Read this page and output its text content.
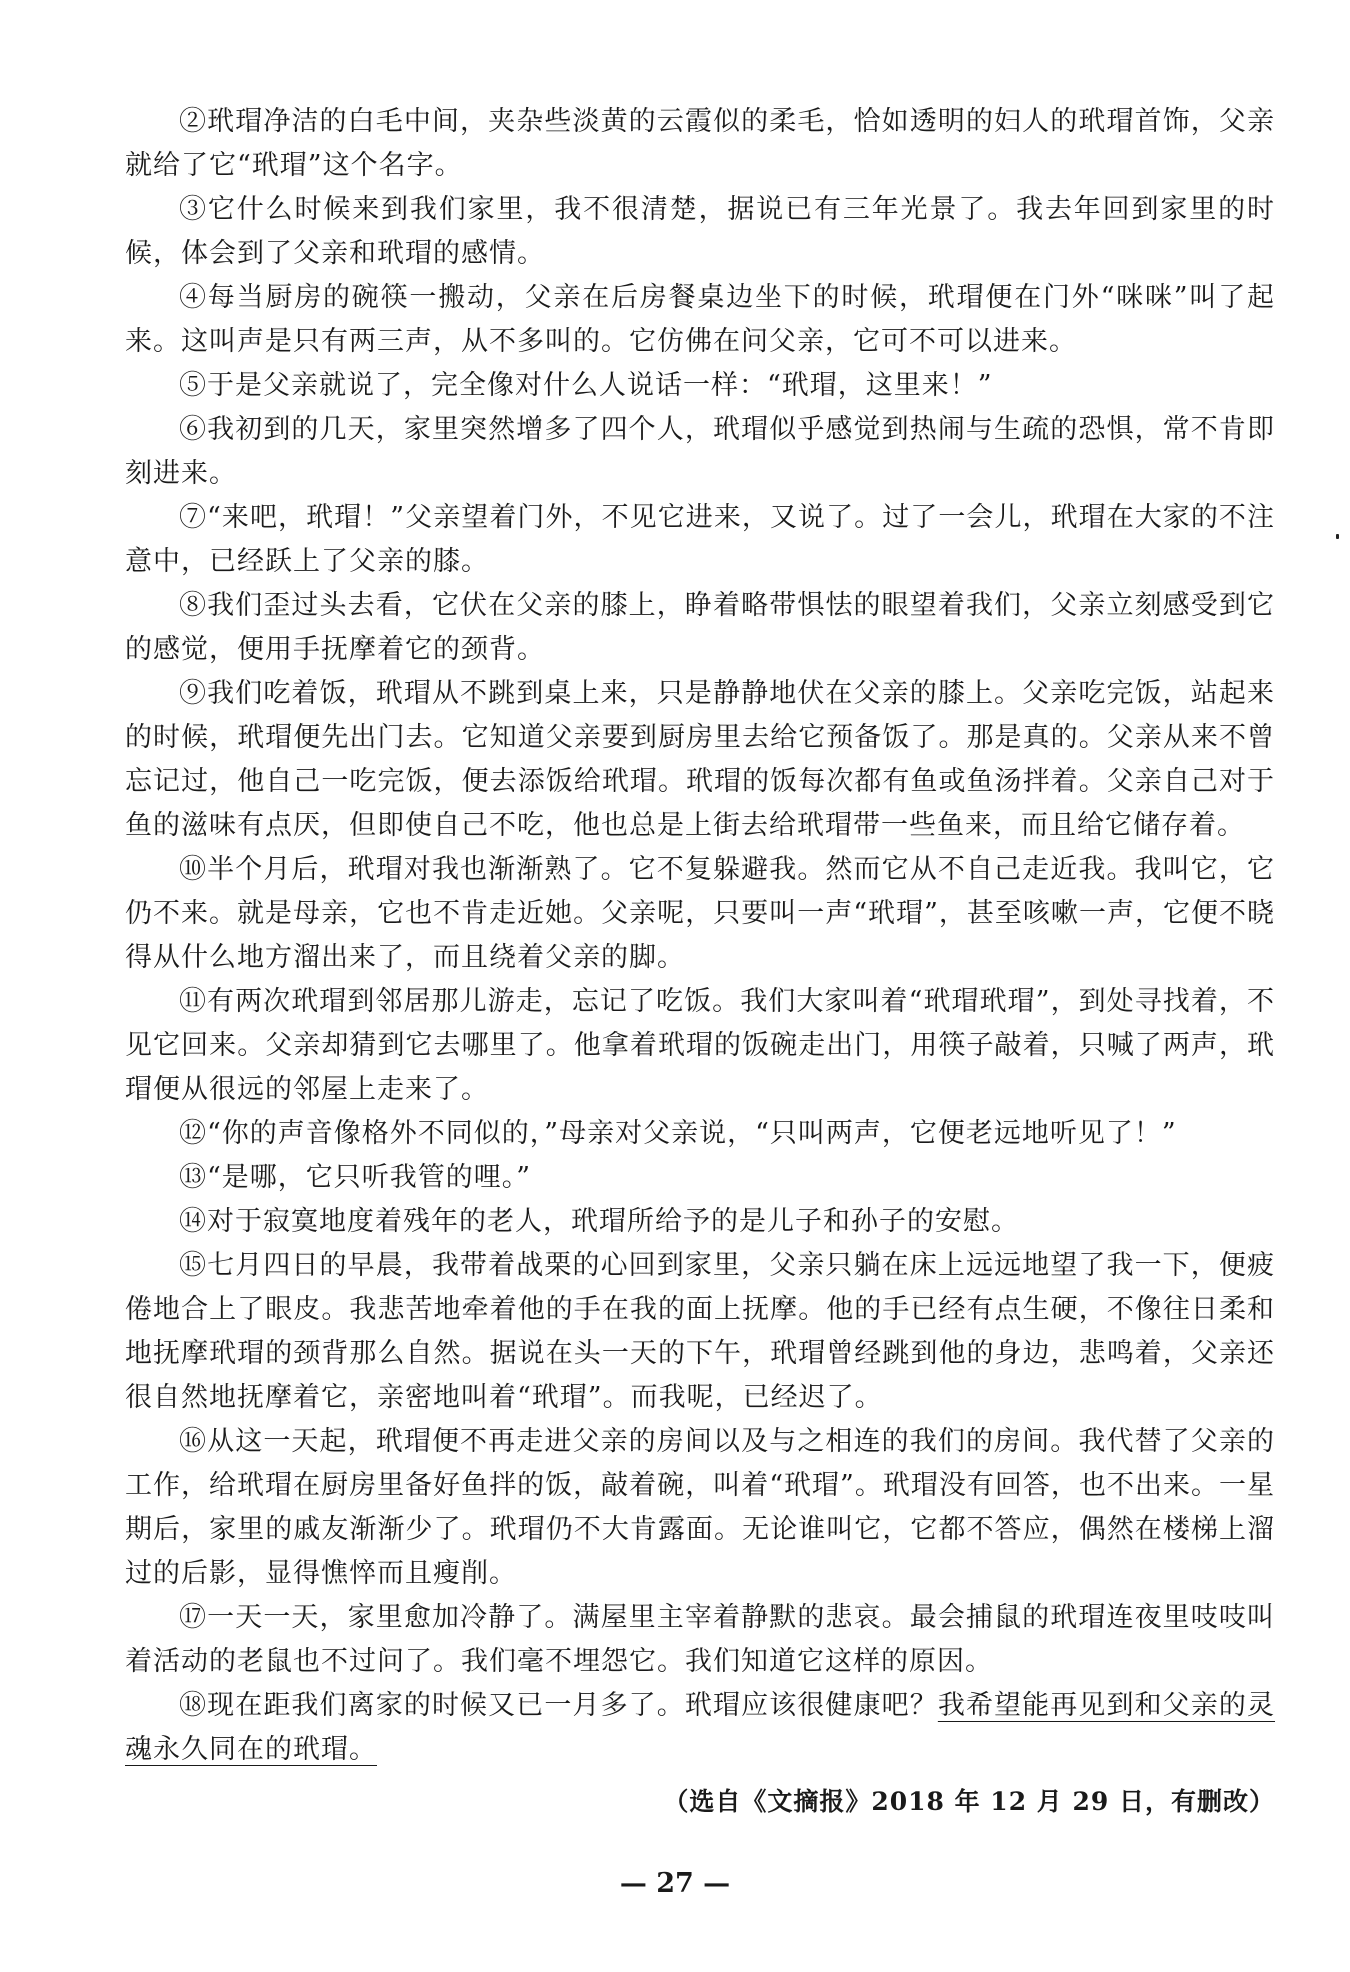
②玳瑁净洁的白毛中间，夹杂些淡黄的云霞似的柔毛，恰如透明的妇人的玳瑁首饰，父亲就给了它“玳瑁”这个名字。

③它什么时候来到我们家里，我不很清楚，据说已有三年光景了。我去年回到家里的时候，体会到了父亲和玳瑁的感情。

④每当厨房的碗筷一搬动，父亲在后房餐桌边坐下的时候，玳瑁便在门外“咪咪”叫了起来。这叫声是只有两三声，从不多叫的。它仿佛在问父亲，它可不可以进来。

⑤于是父亲就说了，完全像对什么人说话一样：“玳瑁，这里来！”

⑥我初到的几天，家里突然增多了四个人，玳瑁似乎感觉到热闹与生疏的恐惧，常不肯即刻进来。

⑦“来吧，玳瑁！”父亲望着门外，不见它进来，又说了。过了一会儿，玳瑁在大家的不注意中，已经跃上了父亲的膝。

⑧我们歪过头去看，它伏在父亲的膝上，睁着略带惧怯的眼望着我们，父亲立刻感受到它的感觉，便用手抚摩着它的颈背。

⑨我们吃着饭，玳瑁从不跳到桌上来，只是静静地伏在父亲的膝上。父亲吃完饭，站起来的时候，玳瑁便先出门去。它知道父亲要到厨房里去给它预备饭了。那是真的。父亲从来不曾忘记过，他自己一吃完饭，便去添饭给玳瑁。玳瑁的饭每次都有鱼或鱼汤拌着。父亲自己对于鱼的滋味有点厌，但即使自己不吃，他也总是上街去给玳瑁带一些鱼来，而且给它储存着。

⑩半个月后，玳瑁对我也渐渐熟了。它不复躲避我。然而它从不自己走近我。我叫它，它仍不来。就是母亲，它也不肯走近她。父亲呢，只要叫一声“玳瑁”，甚至咳嗽一声，它便不晓得从什么地方溜出来了，而且绕着父亲的脚。

⑪有两次玳瑁到邻居那儿游走，忘记了吃饭。我们大家叫着“玳瑁玳瑁”，到处寻找着，不见它回来。父亲却猜到它去哪里了。他拿着玳瑁的饭碗走出门，用筷子敲着，只喊了两声，玳瑁便从很远的邻屋上走来了。

⑫“你的声音像格外不同似的，”母亲对父亲说，“只叫两声，它便老远地听见了！”

⑬“是哪，它只听我管的哩。”

⑭对于寂寞地度着残年的老人，玳瑁所给予的是儿子和孙子的安慰。

⑮七月四日的早晨，我带着战栗的心回到家里，父亲只躺在床上远远地望了我一下，便疲倦地合上了眼皮。我悲苦地牵着他的手在我的面上抚摩。他的手已经有点生硬，不像往日柔和地抚摩玳瑁的颈背那么自然。据说在头一天的下午，玳瑁曾经跳到他的身边，悲鸣着，父亲还很自然地抚摩着它，亲密地叫着“玳瑁”。而我呢，已经迟了。

⑯从这一天起，玳瑁便不再走进父亲的房间以及与之相连的我们的房间。我代替了父亲的工作，给玳瑁在厨房里备好鱼拌的饭，敲着碗，叫着“玳瑁”。玳瑁没有回答，也不出来。一星期后，家里的戚友渐渐少了。玳瑁仍不大肯露面。无论谁叫它，它都不答应，偶然在楼梯上溜过的后影，显得憔悴而且瘦削。

⑰一天一天，家里愈加冷静了。满屋里主宰着静默的悲哀。最会捕鼠的玳瑁连夜里吱吱叫着活动的老鼠也不过问了。我们毫不埋怨它。我们知道它这样的原因。

⑱现在距我们离家的时候又已一月多了。玳瑁应该很健康吧？我希望能再见到和父亲的灵魂永久同在的玳瑁。

（选自《文摘报》2018 年 12 月 29 日，有删改）
— 27 —
